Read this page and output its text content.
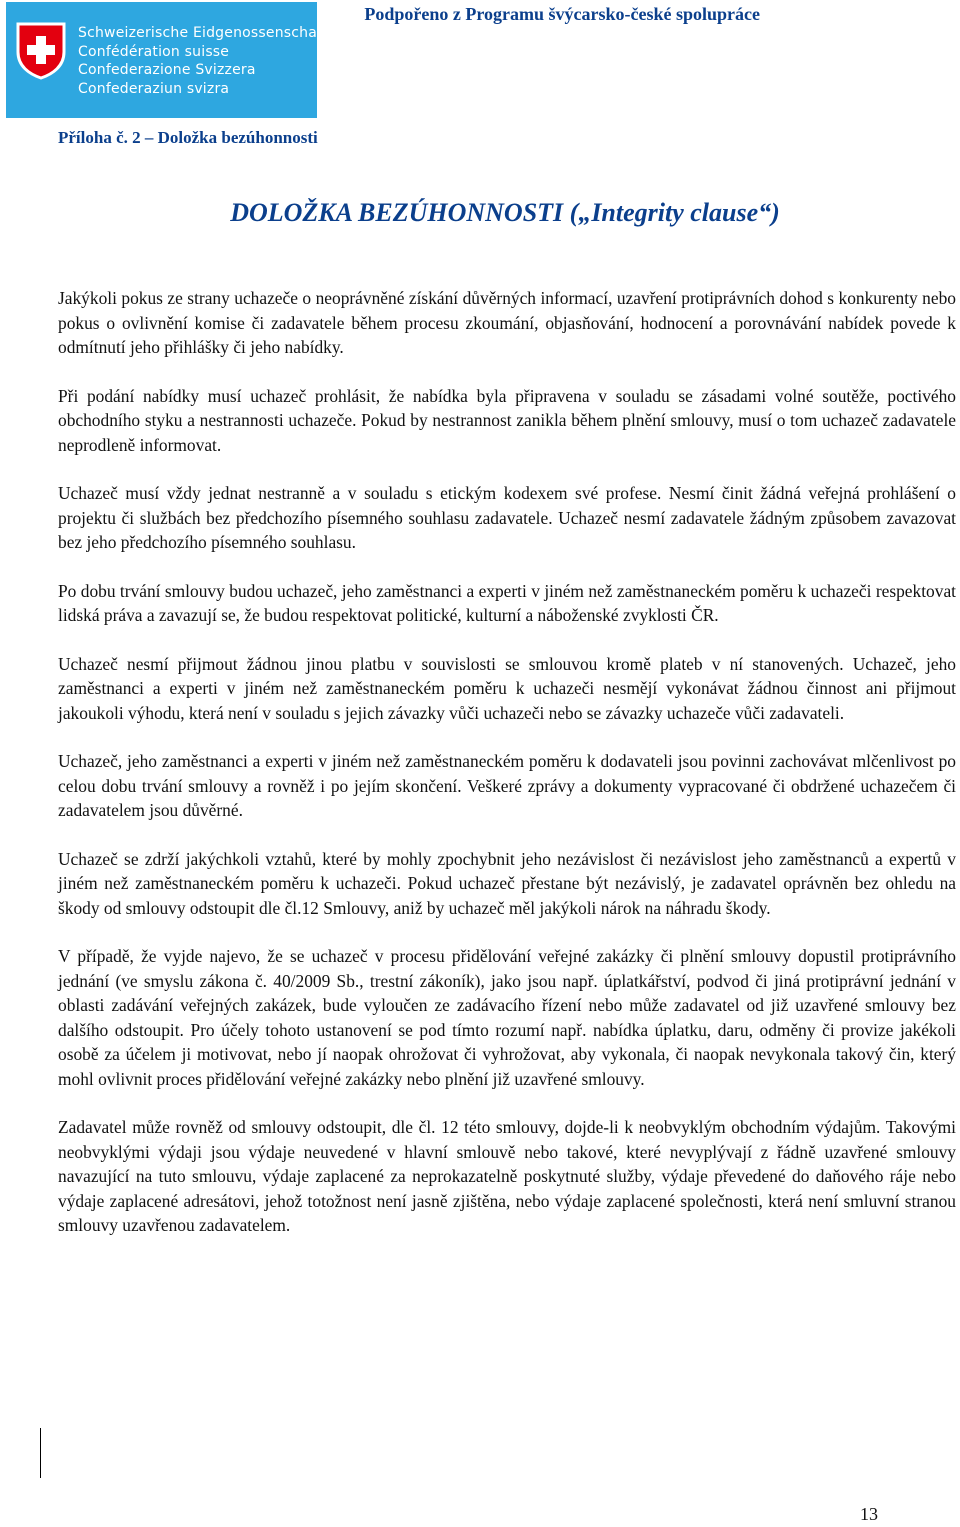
Schweizerische Eidgenossenschaft
Confédération suisse
Confederazione Svizzera
Confederaziun svizra
Podpořeno z Programu švýcarsko-české spolupráce
Příloha č. 2 – Doložka bezúhonnosti
DOLOŽKA BEZÚHONNOSTI („Integrity clause“)

Jakýkoli pokus ze strany uchazeče o neoprávněné získání důvěrných informací, uzavření protiprávních dohod s konkurenty nebo pokus o ovlivnění komise či zadavatele během procesu zkoumání, objasňování, hodnocení a porovnávání nabídek povede k odmítnutí jeho přihlášky či jeho nabídky.

Při podání nabídky musí uchazeč prohlásit, že nabídka byla připravena v souladu se zásadami volné soutěže, poctivého obchodního styku a nestrannosti uchazeče. Pokud by nestrannost zanikla během plnění smlouvy, musí o tom uchazeč zadavatele neprodleně informovat.

Uchazeč musí vždy jednat nestranně a v souladu s etickým kodexem své profese. Nesmí činit žádná veřejná prohlášení o projektu či službách bez předchozího písemného souhlasu zadavatele. Uchazeč nesmí zadavatele žádným způsobem zavazovat bez jeho předchozího písemného souhlasu.

Po dobu trvání smlouvy budou uchazeč, jeho zaměstnanci a experti v jiném než zaměstnaneckém poměru k uchazeči respektovat lidská práva a zavazují se, že budou respektovat politické, kulturní a náboženské zvyklosti ČR.

Uchazeč nesmí přijmout žádnou jinou platbu v souvislosti se smlouvou kromě plateb v ní stanovených. Uchazeč, jeho zaměstnanci a experti v jiném než zaměstnaneckém poměru k uchazeči nesmějí vykonávat žádnou činnost ani přijmout jakoukoli výhodu, která není v souladu s jejich závazky vůči uchazeči nebo se závazky uchazeče vůči zadavateli.

Uchazeč, jeho zaměstnanci a experti v jiném než zaměstnaneckém poměru k dodavateli jsou povinni zachovávat mlčenlivost po celou dobu trvání smlouvy a rovněž i po jejím skončení. Veškeré zprávy a dokumenty vypracované či obdržené uchazečem či zadavatelem jsou důvěrné.

Uchazeč se zdrží jakýchkoli vztahů, které by mohly zpochybnit jeho nezávislost či nezávislost jeho zaměstnanců a expertů v jiném než zaměstnaneckém poměru k uchazeči. Pokud uchazeč přestane být nezávislý, je zadavatel oprávněn bez ohledu na škody od smlouvy odstoupit dle čl.12 Smlouvy, aniž by uchazeč měl jakýkoli nárok na náhradu škody.

V případě, že vyjde najevo, že se uchazeč v procesu přidělování veřejné zakázky či plnění smlouvy dopustil protiprávního jednání (ve smyslu zákona č. 40/2009 Sb., trestní zákoník), jako jsou např. úplatkářství, podvod či jiná protiprávní jednání v oblasti zadávání veřejných zakázek, bude vyloučen ze zadávacího řízení nebo může zadavatel od již uzavřené smlouvy bez dalšího odstoupit. Pro účely tohoto ustanovení se pod tímto rozumí např. nabídka úplatku, daru, odměny či provize jakékoli osobě za účelem ji motivovat, nebo jí naopak ohrožovat či vyhrožovat, aby vykonala, či naopak nevykonala takový čin, který mohl ovlivnit proces přidělování veřejné zakázky nebo plnění již uzavřené smlouvy.

Zadavatel může rovněž od smlouvy odstoupit, dle čl. 12 této smlouvy, dojde-li k neobvyklým obchodním výdajům. Takovými neobvyklými výdaji jsou výdaje neuvedené v hlavní smlouvě nebo takové, které nevyplývají z řádně uzavřené smlouvy navazující na tuto smlouvu, výdaje zaplacené za neprokazatelně poskytnuté služby, výdaje převedené do daňového ráje nebo výdaje zaplacené adresátovi, jehož totožnost není jasně zjištěna, nebo výdaje zaplacené společnosti, která není smluvní stranou smlouvy uzavřenou zadavatelem.

13
